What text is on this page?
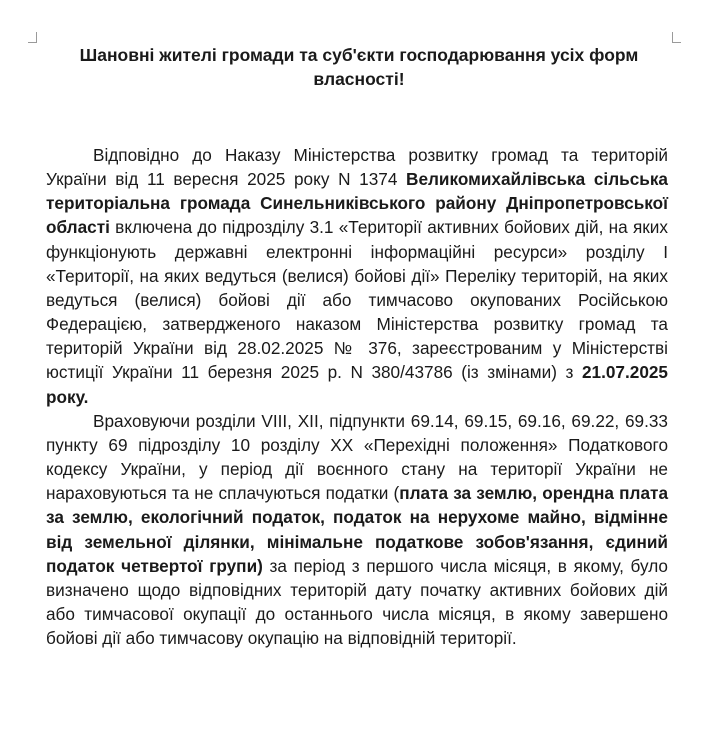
Шановні жителі громади та суб'єкти господарювання усіх форм власності!

Відповідно до Наказу Міністерства розвитку громад та територій України від 11 вересня 2025 року N 1374 Великомихайлівська сільська територіальна громада Синельниківського району Дніпропетровської області включена до підрозділу 3.1 «Території активних бойових дій, на яких функціонують державні електронні інформаційні ресурси» розділу I «Території, на яких ведуться (велися) бойові дії» Переліку територій, на яких ведуться (велися) бойові дії або тимчасово окупованих Російською Федерацією, затвердженого наказом Міністерства розвитку громад та територій України від 28.02.2025 № 376, зареєстрованим у Міністерстві юстиції України 11 березня 2025 р. N 380/43786 (із змінами) з 21.07.2025 року.

Враховуючи розділи VIII, XII, підпункти 69.14, 69.15, 69.16, 69.22, 69.33 пункту 69 підрозділу 10 розділу XX «Перехідні положення» Податкового кодексу України, у період дії воєнного стану на території України не нараховуються та не сплачуються податки (плата за землю, орендна плата за землю, екологічний податок, податок на нерухоме майно, відмінне від земельної ділянки, мінімальне податкове зобов'язання, єдиний податок четвертої групи) за період з першого числа місяця, в якому, було визначено щодо відповідних територій дату початку активних бойових дій або тимчасової окупації до останнього числа місяця, в якому завершено бойові дії або тимчасову окупацію на відповідній території.
